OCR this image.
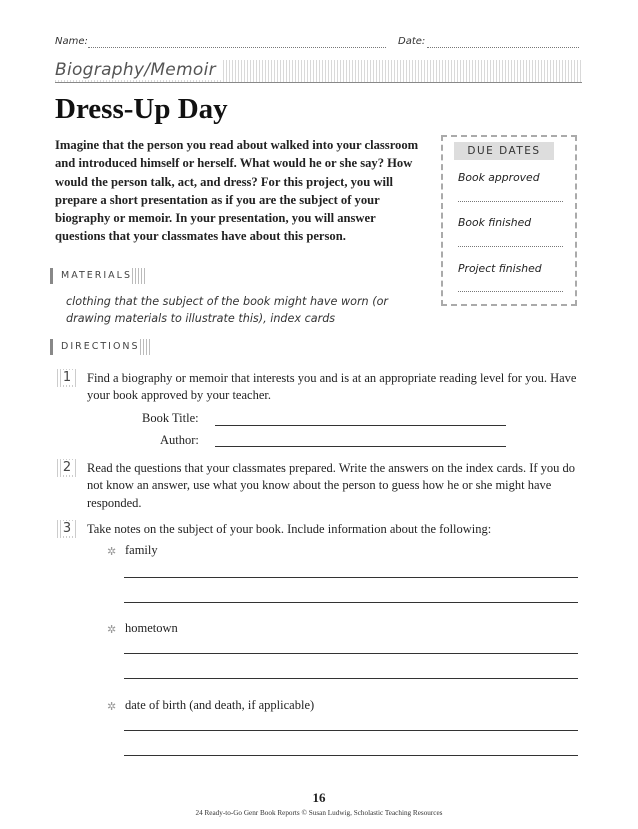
Name:	Date:
Biography/Memoir
Dress-Up Day
Imagine that the person you read about walked into your classroom and introduced himself or herself. What would he or she say? How would the person talk, act, and dress? For this project, you will prepare a short presentation as if you are the subject of your biography or memoir. In your presentation, you will answer questions that your classmates have about this person.
DUE DATES
Book approved
Book finished
Project finished
MATERIALS
clothing that the subject of the book might have worn (or drawing materials to illustrate this), index cards
DIRECTIONS
1	Find a biography or memoir that interests you and is at an appropriate reading level for you. Have your book approved by your teacher.
Book Title:
Author:
2	Read the questions that your classmates prepared. Write the answers on the index cards. If you do not know an answer, use what you know about the person to guess how he or she might have responded.
3	Take notes on the subject of your book. Include information about the following:
✲ family
✲ hometown
✲ date of birth (and death, if applicable)
16
24 Ready-to-Go Genr Book Reports © Susan Ludwig, Scholastic Teaching Resources
